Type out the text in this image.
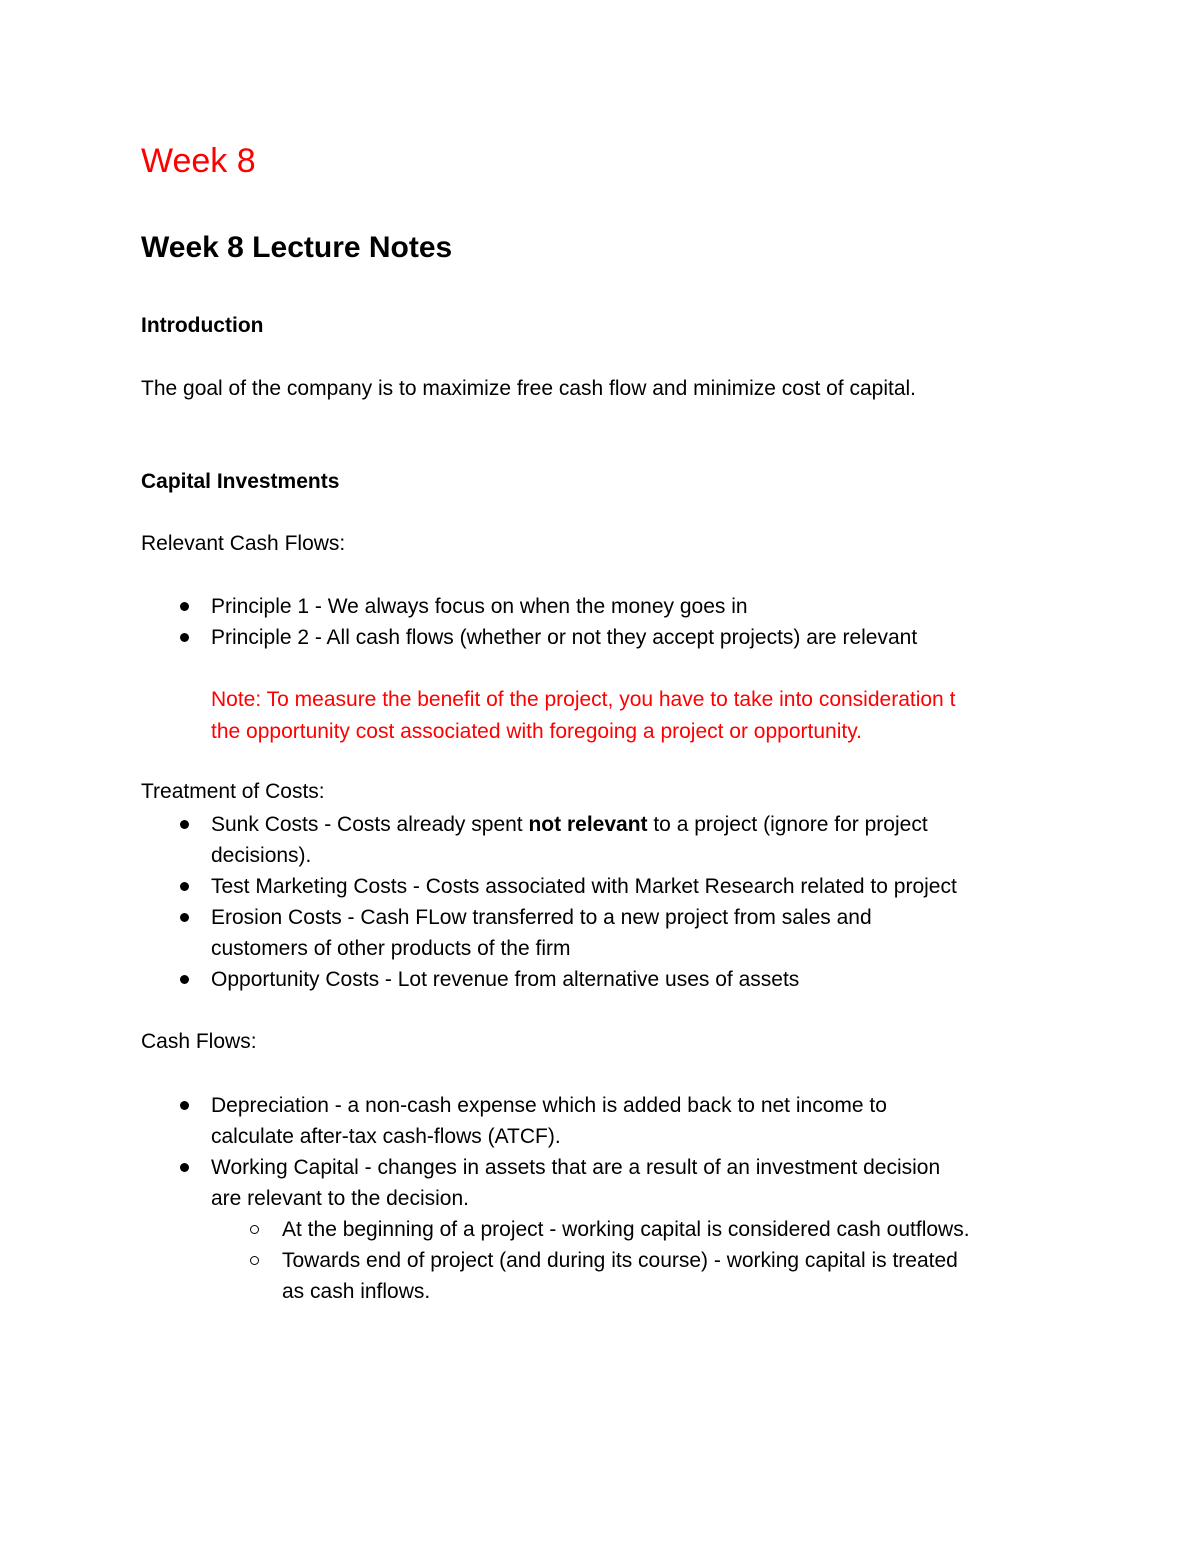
Week 8
Week 8 Lecture Notes
Introduction
The goal of the company is to maximize free cash flow and minimize cost of capital.
Capital Investments
Relevant Cash Flows:
Principle 1 - We always focus on when the money goes in
Principle 2 - All cash flows (whether or not they accept projects) are relevant
Note: To measure the benefit of the project, you have to take into consideration t
the opportunity cost associated with foregoing a project or opportunity.
Treatment of Costs:
Sunk Costs - Costs already spent not relevant to a project (ignore for project
decisions).
Test Marketing Costs - Costs associated with Market Research related to project
Erosion Costs - Cash FLow transferred to a new project from sales and
customers of other products of the firm
Opportunity Costs - Lot revenue from alternative uses of assets
Cash Flows:
Depreciation - a non-cash expense which is added back to net income to
calculate after-tax cash-flows (ATCF).
Working Capital - changes in assets that are a result of an investment decision
are relevant to the decision.
At the beginning of a project - working capital is considered cash outflows.
Towards end of project (and during its course) - working capital is treated
as cash inflows.
